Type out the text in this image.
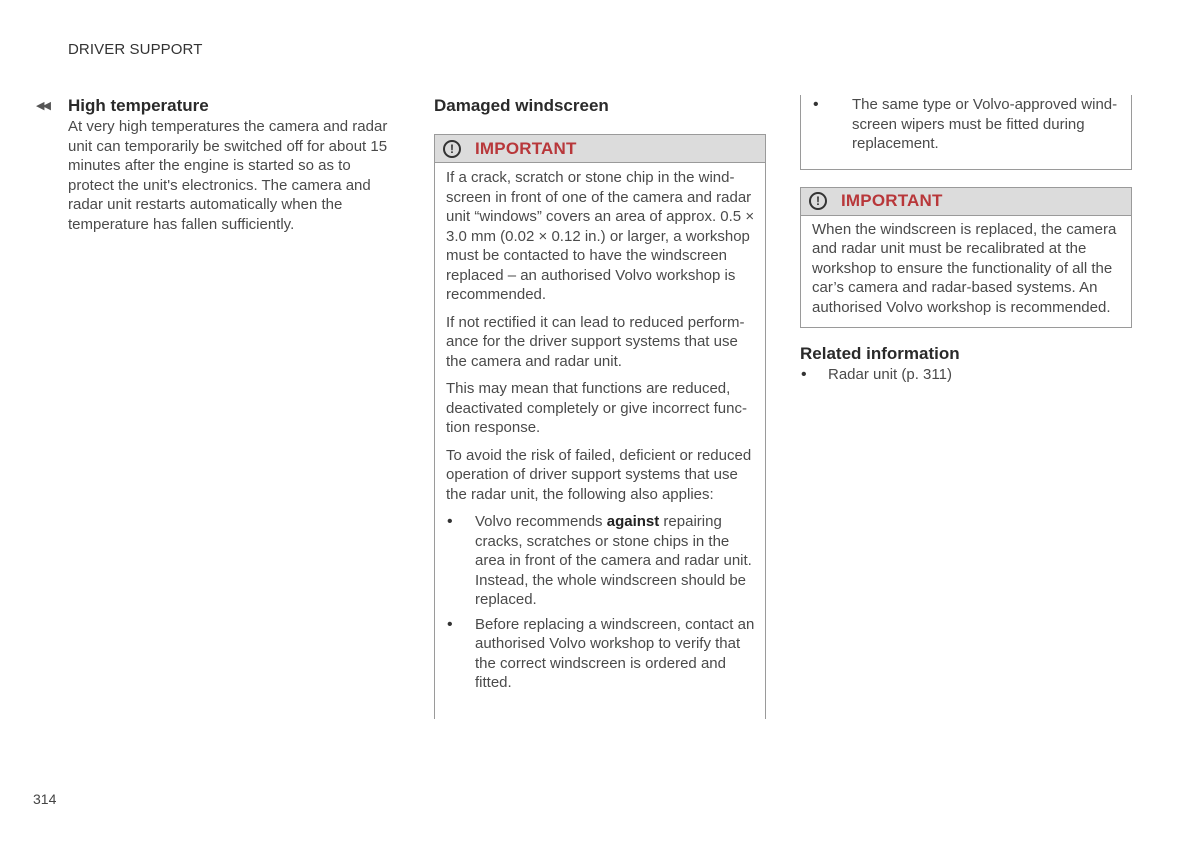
DRIVER SUPPORT
◀◀ High temperature

At very high temperatures the camera and radar unit can temporarily be switched off for about 15 minutes after the engine is started so as to protect the unit's electronics. The camera and radar unit restarts automatically when the temperature has fallen sufficiently.

Damaged windscreen
!	IMPORTANT

If a crack, scratch or stone chip in the wind-screen in front of one of the camera and radar unit “windows” covers an area of approx. 0.5 × 3.0 mm (0.02 × 0.12 in.) or larger, a workshop must be contacted to have the windscreen replaced – an authorised Volvo workshop is recommended.

If not rectified it can lead to reduced perform-ance for the driver support systems that use the camera and radar unit.

This may mean that functions are reduced, deactivated completely or give incorrect func-tion response.

To avoid the risk of failed, deficient or reduced operation of driver support systems that use the radar unit, the following also applies:

• Volvo recommends against repairing cracks, scratches or stone chips in the area in front of the camera and radar unit. Instead, the whole windscreen should be replaced.
• Before replacing a windscreen, contact an authorised Volvo workshop to verify that the correct windscreen is ordered and fitted.
• The same type or Volvo-approved wind-screen wipers must be fitted during replacement.
!	IMPORTANT

When the windscreen is replaced, the camera and radar unit must be recalibrated at the workshop to ensure the functionality of all the car’s camera and radar-based systems. An authorised Volvo workshop is recommended.

Related information
• Radar unit (p. 311)
314
